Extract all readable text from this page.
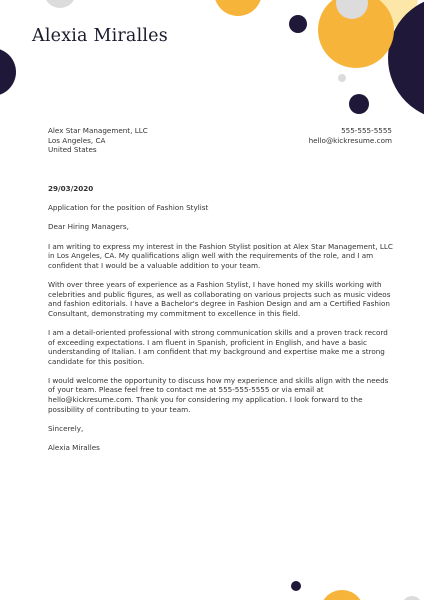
Alexia Miralles
Alex Star Management, LLC
Los Angeles, CA
United States
555-555-5555
hello@kickresume.com

29/03/2020

Application for the position of Fashion Stylist

Dear Hiring Managers,

I am writing to express my interest in the Fashion Stylist position at Alex Star Management, LLC in Los Angeles, CA. My qualifications align well with the requirements of the role, and I am confident that I would be a valuable addition to your team.

With over three years of experience as a Fashion Stylist, I have honed my skills working with celebrities and public figures, as well as collaborating on various projects such as music videos and fashion editorials. I have a Bachelor's degree in Fashion Design and am a Certified Fashion Consultant, demonstrating my commitment to excellence in this field.

I am a detail-oriented professional with strong communication skills and a proven track record of exceeding expectations. I am fluent in Spanish, proficient in English, and have a basic understanding of Italian. I am confident that my background and expertise make me a strong candidate for this position.

I would welcome the opportunity to discuss how my experience and skills align with the needs of your team. Please feel free to contact me at 555-555-5555 or via email at hello@kickresume.com. Thank you for considering my application. I look forward to the possibility of contributing to your team.

Sincerely,

Alexia Miralles
